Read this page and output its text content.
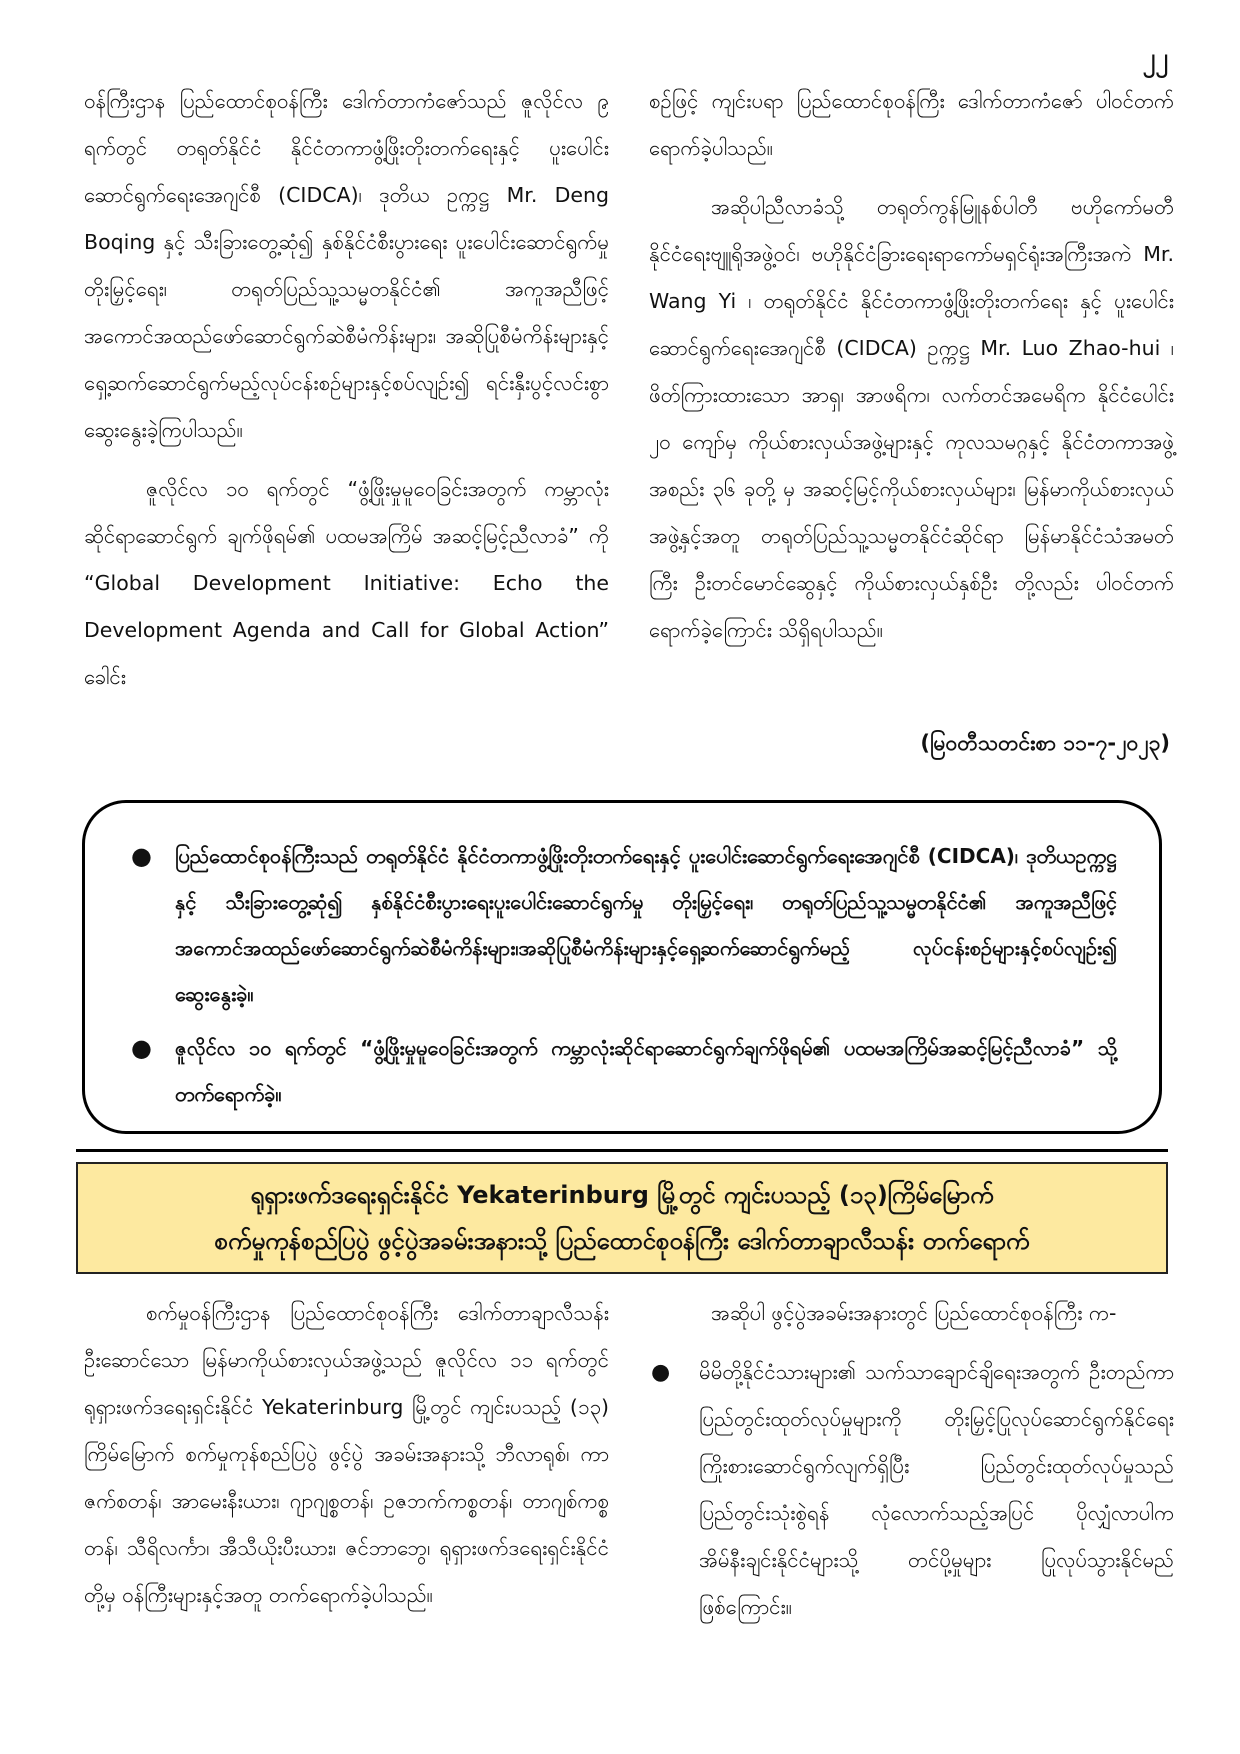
၂၂

ဝန်ကြီးဌာန ပြည်ထောင်စုဝန်ကြီး ဒေါက်တာကံဇော်သည် ဇူလိုင်လ ၉ ရက်တွင် တရုတ်နိုင်ငံ နိုင်ငံတကာဖွံ့ဖြိုးတိုးတက်ရေးနှင့် ပူးပေါင်းဆောင်ရွက်ရေးအေဂျင်စီ (CIDCA)၊ ဒုတိယ ဥက္ကဋ္ဌ Mr. Deng Boqing နှင့် သီးခြားတွေ့ဆုံ၍ နှစ်နိုင်ငံစီးပွားရေး ပူးပေါင်းဆောင်ရွက်မှုတိုးမြှင့်ရေး၊ တရုတ်ပြည်သူ့သမ္မတနိုင်ငံ၏ အကူအညီဖြင့် အကောင်အထည်ဖော်ဆောင်ရွက်ဆဲစီမံကိန်းများ၊ အဆိုပြုစီမံကိန်းများနှင့် ရှေ့ဆက်ဆောင်ရွက်မည့်လုပ်ငန်းစဉ်များနှင့်စပ်လျဉ်း၍ ရင်းနှီးပွင့်လင်းစွာ ဆွေးနွေးခဲ့ကြပါသည်။

ဇူလိုင်လ ၁၀ ရက်တွင် “ဖွံ့ဖြိုးမှုမူဝေခြင်းအတွက် ကမ္ဘာလုံးဆိုင်ရာဆောင်ရွက် ချက်ဖိုရမ်၏ ပထမအကြိမ် အဆင့်မြင့်ညီလာခံ” ကို “Global Development Initiative: Echo the Development Agenda and Call for Global Action” ခေါင်း

စဉ်ဖြင့် ကျင်းပရာ ပြည်ထောင်စုဝန်ကြီး ဒေါက်တာကံဇော် ပါဝင်တက်ရောက်ခဲ့ပါသည်။

အဆိုပါညီလာခံသို့ တရုတ်ကွန်မြူနစ်ပါတီ ဗဟိုကော်မတီ နိုင်ငံရေးဗျူရိုအဖွဲ့ဝင်၊ ဗဟိုနိုင်ငံခြားရေးရာကော်မရှင်ရုံးအကြီးအကဲ Mr. Wang Yi ၊ တရုတ်နိုင်ငံ နိုင်ငံတကာဖွံ့ဖြိုးတိုးတက်ရေး နှင့် ပူးပေါင်းဆောင်ရွက်ရေးအေဂျင်စီ (CIDCA) ဥက္ကဋ္ဌ Mr. Luo Zhao-hui ၊ ဖိတ်ကြားထားသော အာရှ၊ အာဖရိက၊ လက်တင်အမေရိက နိုင်ငံပေါင်း ၂၀ ကျော်မှ ကိုယ်စားလှယ်အဖွဲ့များနှင့် ကုလသမဂ္ဂနှင့် နိုင်ငံတကာအဖွဲ့အစည်း ၃၆ ခုတို့ မှ အဆင့်မြင့်ကိုယ်စားလှယ်များ၊ မြန်မာကိုယ်စားလှယ်အဖွဲ့နှင့်အတူ တရုတ်ပြည်သူ့သမ္မတနိုင်ငံဆိုင်ရာ မြန်မာနိုင်ငံသံအမတ်ကြီး ဦးတင်မောင်ဆွေနှင့် ကိုယ်စားလှယ်နှစ်ဦး တို့လည်း ပါဝင်တက်ရောက်ခဲ့ကြောင်း သိရှိရပါသည်။

(မြဝတီသတင်းစာ ၁၁-၇-၂၀၂၃)
● ပြည်ထောင်စုဝန်ကြီးသည် တရုတ်နိုင်ငံ နိုင်ငံတကာဖွံ့ဖြိုးတိုးတက်ရေးနှင့် ပူးပေါင်းဆောင်ရွက်ရေးအေဂျင်စီ (CIDCA)၊ ဒုတိယဥက္ကဋ္ဌနှင့် သီးခြားတွေ့ဆုံ၍ နှစ်နိုင်ငံစီးပွားရေးပူးပေါင်းဆောင်ရွက်မှု တိုးမြှင့်ရေး၊ တရုတ်ပြည်သူ့သမ္မတနိုင်ငံ၏ အကူအညီဖြင့် အကောင်အထည်ဖော်ဆောင်ရွက်ဆဲစီမံကိန်းများ၊အဆိုပြုစီမံကိန်းများနှင့်ရှေ့ဆက်ဆောင်ရွက်မည့် လုပ်ငန်းစဉ်များနှင့်စပ်လျဉ်း၍ ဆွေးနွေးခဲ့။
● ဇူလိုင်လ ၁၀ ရက်တွင် “ဖွံ့ဖြိုးမှုမူဝေခြင်းအတွက် ကမ္ဘာလုံးဆိုင်ရာဆောင်ရွက်ချက်ဖိုရမ်၏ ပထမအကြိမ်အဆင့်မြင့်ညီလာခံ” သို့ တက်ရောက်ခဲ့။
ရုရှားဖက်ဒရေးရှင်းနိုင်ငံ Yekaterinburg မြို့တွင် ကျင်းပသည့် (၁၃)ကြိမ်မြောက်
စက်မှုကုန်စည်ပြပွဲ ဖွင့်ပွဲအခမ်းအနားသို့ ပြည်ထောင်စုဝန်ကြီး ဒေါက်တာချာလီသန်း တက်ရောက်

စက်မှုဝန်ကြီးဌာန ပြည်ထောင်စုဝန်ကြီး ဒေါက်တာချာလီသန်း ဦးဆောင်သော မြန်မာကိုယ်စားလှယ်အဖွဲ့သည် ဇူလိုင်လ ၁၁ ရက်တွင် ရုရှားဖက်ဒရေးရှင်းနိုင်ငံ Yekaterinburg မြို့တွင် ကျင်းပသည့် (၁၃) ကြိမ်မြောက် စက်မှုကုန်စည်ပြပွဲ ဖွင့်ပွဲ အခမ်းအနားသို့ ဘီလာရုစ်၊ ကာဇက်စတန်၊ အာမေးနီးယား၊ ဂျာဂျစ္စတန်၊ ဥဇဘက်ကစ္စတန်၊ တာဂျစ်ကစ္စတန်၊ သီရိလင်္ကာ၊ အီသီယိုးပီးယား၊ ဇင်ဘာဘွေ၊ ရုရှားဖက်ဒရေးရှင်းနိုင်ငံ တို့မှ ဝန်ကြီးများနှင့်အတူ တက်ရောက်ခဲ့ပါသည်။

အဆိုပါ ဖွင့်ပွဲအခမ်းအနားတွင် ပြည်ထောင်စုဝန်ကြီး က-

● မိမိတို့နိုင်ငံသားများ၏ သက်သာချောင်ချိရေးအတွက် ဦးတည်ကာ ပြည်တွင်းထုတ်လုပ်မှုများကို တိုးမြှင့်ပြုလုပ်ဆောင်ရွက်နိုင်ရေး ကြိုးစားဆောင်ရွက်လျက်ရှိပြီး ပြည်တွင်းထုတ်လုပ်မှုသည် ပြည်တွင်းသုံးစွဲရန် လုံလောက်သည့်အပြင် ပိုလျှံလာပါက အိမ်နီးချင်းနိုင်ငံများသို့ တင်ပို့မှုများ ပြုလုပ်သွားနိုင်မည်ဖြစ်ကြောင်း။
